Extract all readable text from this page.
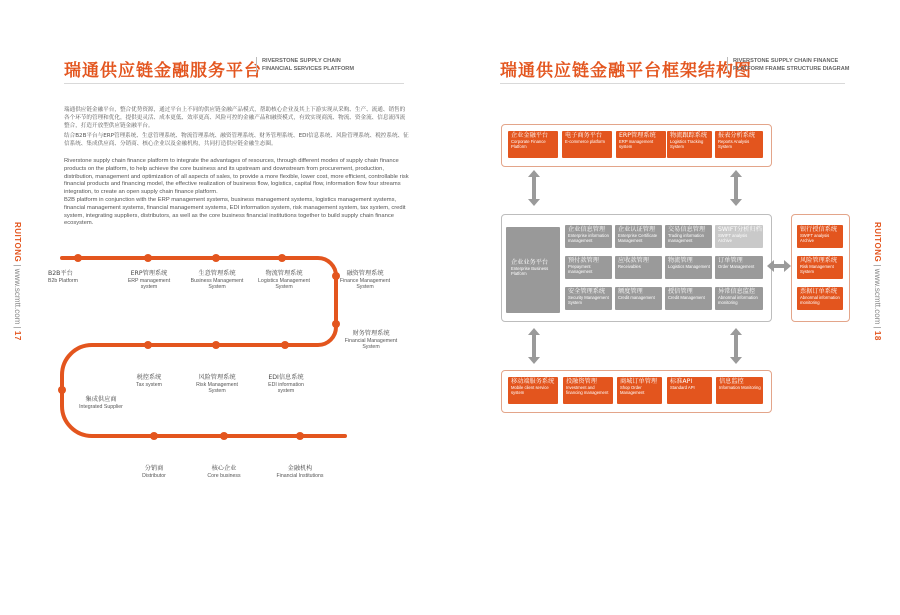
瑞通供应链金融服务平台 RIVERSTONE SUPPLY CHAIN FINANCIAL SERVICES PLATFORM
瑞通供应链金融平台，整合优势资源，通过平台上不同的供应链金融产品模式，帮助核心企业及其上下游实现从采购、生产、流通、销售的各个环节的管理和优化，提供更灵活、成本更低、效率更高、风险可控的金融产品和融资模式，有效实现商流、物流、资金流、信息流四流整合，打造开放型供应链金融平台。
结合B2B平台与ERP管理系统、生意管理系统、物流管理系统、融资管理系统、财务管理系统、EDI信息系统、风险管理系统、税控系统、征信系统、集成供应商、分销商、核心企业以及金融机构，共同打造供应链金融生态圈。
Riverstone supply chain finance platform to integrate the advantages of resources, through different modes of supply chain finance products on the platform, to help achieve the core business and its upstream and downstream from procurement, production, distribution, management and optimization of all aspects of sales, to provide a more flexible, lower cost, more efficient, controllable risk financial products and financing model, the effective realization of business flow, logistics, capital flow, information flow four streams integration, to create an open supply chain finance platform.
B2B platform in conjunction with the ERP management systems, business management systems, logistics management systems, financial management systems, financial management systems, EDI information system, risk management system, tax system, credit system, integrating suppliers, distributors, as well as the core business financial institutions together to build supply chain finance ecosystem.
RUITONG | www.scmtt.com | 17
B2B平台
B2b Platform
ERP管理系统
ERP management system
生意管理系统
Business Management System
物流管理系统
Logistics Management System
融资管理系统
Finance Management System
财务管理系统
Financial Management System
EDI信息系统
EDI information system
风险管理系统
Risk Management System
税控系统
Tax system
集成供应商
Integrated Supplier
分销商
Distributor
核心企业
Core business
金融机构
Financial Institutions
瑞通供应链金融平台框架结构图
RIVERSTONE SUPPLY CHAIN FINANCE PLATFORM FRAME STRUCTURE DIAGRAM
RUITONG | www.scmtt.com | 18
企业金融平台
Corporate Finance Platform
电子商务平台
E-commerce platform
ERP管理系统
ERP management system
物流跟踪系统
Logistics Tracking System
报表分析系统
Reports Analysis System
企业业务平台
Enterprise Business Platform
企业信息管理
Enterprise information management
企业认证管理
Enterprise Certificate Management
交易信息管理
Trading information management
SWIFT分析归档
SWIFT analysis Archive
预付款管理
Prepayment management
应收款管理
Receivables
物流管理
Logistics Management
订单管理
Order Management
安全管理系统
Security Management System
额度管理
Credit management
授信管理
Credit Management
异常信息监控
Abnormal information monitoring
银行授信系统
SWIFT analysis Archive
风险管理系统
Risk Management System
票据订单系统
Abnormal information monitoring
移动端服务系统
Mobile client service system
投融资管理
Investment and financing management
商城订单管理
Shop Order Management
标准API
Standard API
信息监控
Information Monitoring
